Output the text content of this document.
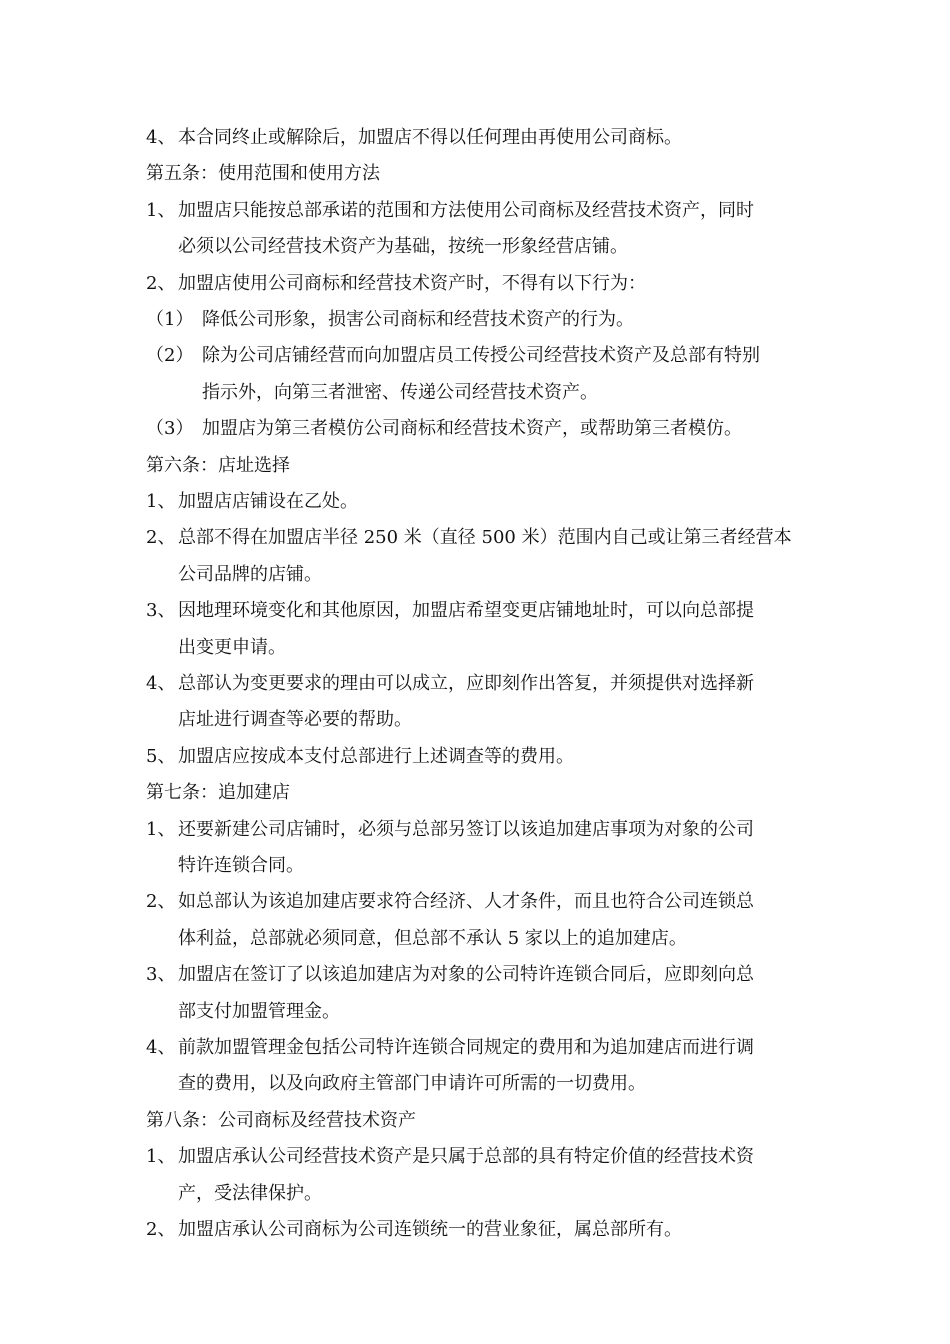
4、 本合同终止或解除后，加盟店不得以任何理由再使用公司商标。
第五条：使用范围和使用方法
1、 加盟店只能按总部承诺的范围和方法使用公司商标及经营技术资产，同时
必须以公司经营技术资产为基础，按统一形象经营店铺。
2、 加盟店使用公司商标和经营技术资产时，不得有以下行为：
（1） 降低公司形象，损害公司商标和经营技术资产的行为。
（2） 除为公司店铺经营而向加盟店员工传授公司经营技术资产及总部有特别
指示外，向第三者泄密、传递公司经营技术资产。
（3） 加盟店为第三者模仿公司商标和经营技术资产，或帮助第三者模仿。
第六条：店址选择
1、 加盟店店铺设在乙处。
2、 总部不得在加盟店半径 250 米（直径 500 米）范围内自己或让第三者经营本
公司品牌的店铺。
3、 因地理环境变化和其他原因，加盟店希望变更店铺地址时，可以向总部提
出变更申请。
4、 总部认为变更要求的理由可以成立，应即刻作出答复，并须提供对选择新
店址进行调查等必要的帮助。
5、 加盟店应按成本支付总部进行上述调查等的费用。
第七条：追加建店
1、 还要新建公司店铺时，必须与总部另签订以该追加建店事项为对象的公司
特许连锁合同。
2、 如总部认为该追加建店要求符合经济、人才条件，而且也符合公司连锁总
体利益，总部就必须同意，但总部不承认 5 家以上的追加建店。
3、 加盟店在签订了以该追加建店为对象的公司特许连锁合同后，应即刻向总
部支付加盟管理金。
4、 前款加盟管理金包括公司特许连锁合同规定的费用和为追加建店而进行调
查的费用，以及向政府主管部门申请许可所需的一切费用。
第八条：公司商标及经营技术资产
1、 加盟店承认公司经营技术资产是只属于总部的具有特定价值的经营技术资
产，受法律保护。
2、 加盟店承认公司商标为公司连锁统一的营业象征，属总部所有。
